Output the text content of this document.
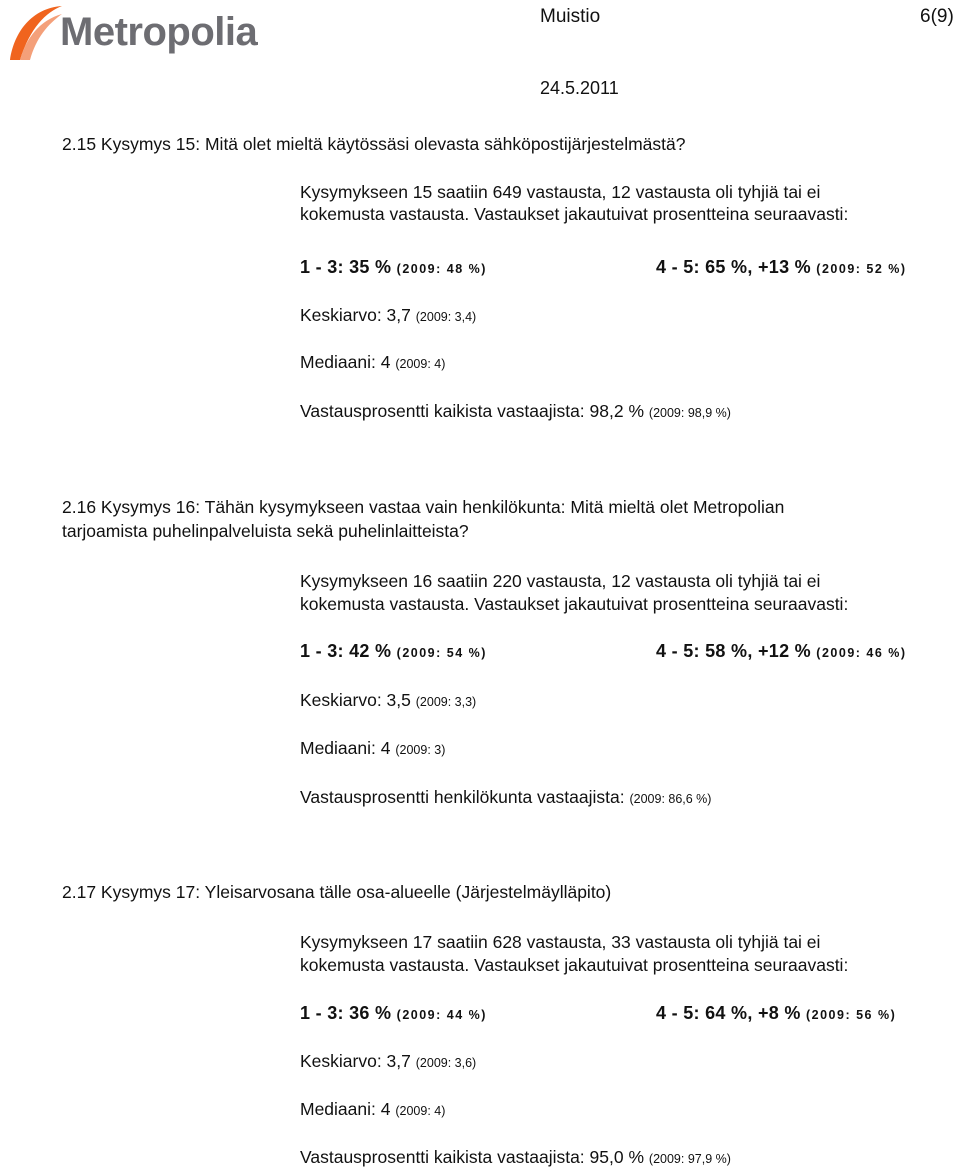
Metropolia	Muistio	6(9)
24.5.2011
2.15 Kysymys 15: Mitä olet mieltä käytössäsi olevasta sähköpostijärjestelmästä?
Kysymykseen 15 saatiin 649 vastausta, 12 vastausta oli tyhjiä tai ei
kokemusta vastausta. Vastaukset jakautuivat prosentteina seuraavasti:
1 - 3: 35 % (2009: 48 %)	4 - 5: 65 %, +13 % (2009: 52 %)
Keskiarvo: 3,7 (2009: 3,4)
Mediaani: 4 (2009: 4)
Vastausprosentti kaikista vastaajista: 98,2 % (2009: 98,9 %)
2.16 Kysymys 16: Tähän kysymykseen vastaa vain henkilökunta: Mitä mieltä olet Metropolian
tarjoamista puhelinpalveluista sekä puhelinlaitteista?
Kysymykseen 16 saatiin 220 vastausta, 12 vastausta oli tyhjiä tai ei
kokemusta vastausta. Vastaukset jakautuivat prosentteina seuraavasti:
1 - 3: 42 % (2009: 54 %)	4 - 5: 58 %, +12 % (2009: 46 %)
Keskiarvo: 3,5 (2009: 3,3)
Mediaani: 4 (2009: 3)
Vastausprosentti henkilökunta vastaajista: (2009: 86,6 %)
2.17 Kysymys 17: Yleisarvosana tälle osa-alueelle (Järjestelmäylläpito)
Kysymykseen 17 saatiin 628 vastausta, 33 vastausta oli tyhjiä tai ei
kokemusta vastausta. Vastaukset jakautuivat prosentteina seuraavasti:
1 - 3: 36 % (2009: 44 %)	4 - 5: 64 %, +8 % (2009: 56 %)
Keskiarvo: 3,7 (2009: 3,6)
Mediaani: 4 (2009: 4)
Vastausprosentti kaikista vastaajista: 95,0 % (2009: 97,9 %)
